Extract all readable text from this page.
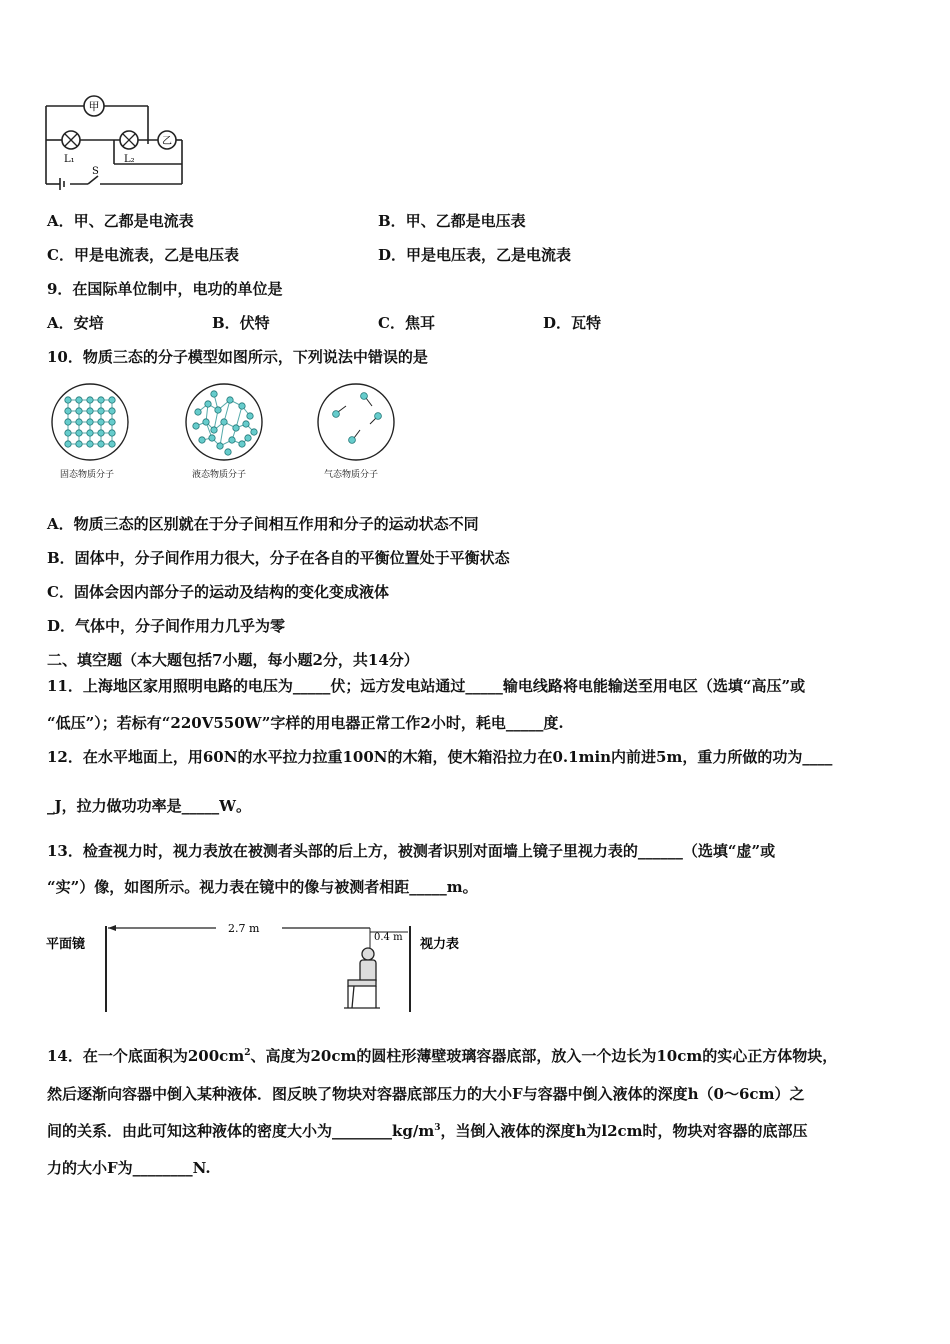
甲
L₁	L₂
乙
S
A．甲、乙都是电流表	B．甲、乙都是电压表
C．甲是电流表，乙是电压表	D．甲是电压表，乙是电流表
9．在国际单位制中，电功的单位是
A．安培	B．伏特	C．焦耳	D．瓦特
10．物质三态的分子模型如图所示，下列说法中错误的是
固态物质分子	液态物质分子	气态物质分子
A．物质三态的区别就在于分子间相互作用和分子的运动状态不同
B．固体中，分子间作用力很大，分子在各自的平衡位置处于平衡状态
C．固体会因内部分子的运动及结构的变化变成液体
D．气体中，分子间作用力几乎为零
二、填空题（本大题包括7小题，每小题2分，共14分）
11．上海地区家用照明电路的电压为_____伏；远方发电站通过_____输电线路将电能输送至用电区（选填“高压”或
“低压”）；若标有“220V550W”字样的用电器正常工作2小时，耗电_____度.
12．在水平地面上，用60N的水平拉力拉重100N的木箱，使木箱沿拉力在0.1min内前进5m，重力所做的功为____
_J，拉力做功功率是_____W。
13．检查视力时，视力表放在被测者头部的后上方，被测者识别对面墙上镜子里视力表的______（选填“虚”或
“实”）像，如图所示。视力表在镜中的像与被测者相距_____m。
平面镜
2.7 m
0.4 m 视力表
14．在一个底面积为$200cm^2$、高度为20cm的圆柱形薄壁玻璃容器底部，放入一个边长为10cm的实心正方体物块，
然后逐渐向容器中倒入某种液体．图反映了物块对容器底部压力的大小F与容器中倒入液体的深度h（0～6cm）之
间的关系．由此可知这种液体的密度大小为$\_\_\_\_\_\_\_\_kg/m^3$，当倒入液体的深度h为l2cm时，物块对容器的底部压
力的大小F为________N.
